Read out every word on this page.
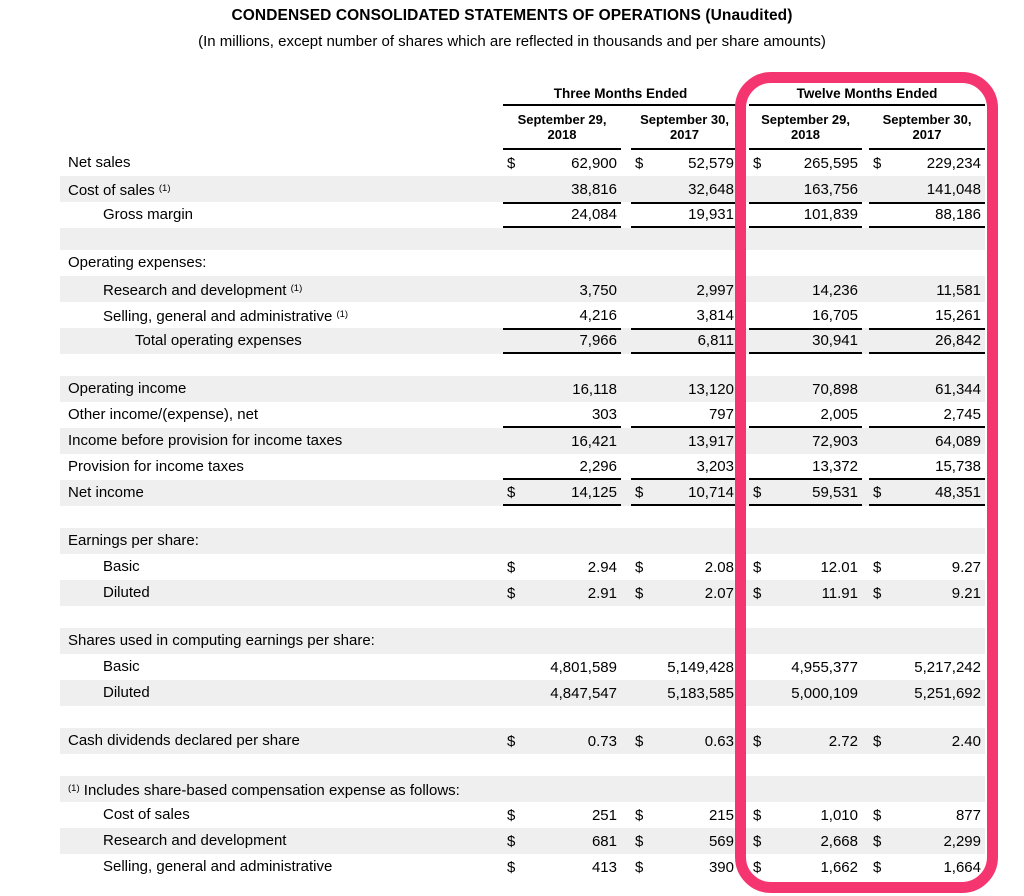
CONDENSED CONSOLIDATED STATEMENTS OF OPERATIONS (Unaudited)
(In millions, except number of shares which are reflected in thousands and per share amounts)
Three Months Ended	Twelve Months Ended
September 29,
2018
September 30,
2017
September 29,
2018
September 30,
2017
Net sales	$	62,900 $	52,579 $	265,595 $	229,234
Cost of sales $^{(1)}$	38,816	32,648	163,756	141,048
Gross margin	24,084	19,931	101,839	88,186
Operating expenses:
Research and development $^{(1)}$	3,750	2,997	14,236	11,581
Selling, general and administrative $^{(1)}$	4,216	3,814	16,705	15,261
Total operating expenses	7,966	6,811	30,941	26,842
Operating income	16,118	13,120	70,898	61,344
Other income/(expense), net	303	797	2,005	2,745
Income before provision for income taxes	16,421	13,917	72,903	64,089
Provision for income taxes	2,296	3,203	13,372	15,738
Net income	$	14,125 $	10,714 $	59,531 $	48,351
Earnings per share:
Basic	$	2.94 $	2.08 $	12.01 $	9.27
Diluted	$	2.91 $	2.07 $	11.91 $	9.21
Shares used in computing earnings per share:
Basic	4,801,589	5,149,428	4,955,377	5,217,242
Diluted	4,847,547	5,183,585	5,000,109	5,251,692
Cash dividends declared per share	$	0.73 $	0.63 $	2.72 $	2.40
$^{(1)}$ Includes share-based compensation expense as follows:
Cost of sales	$	251 $	215 $	1,010 $	877
Research and development	$	681 $	569 $	2,668 $	2,299
Selling, general and administrative	$	413 $	390 $	1,662 $	1,664
